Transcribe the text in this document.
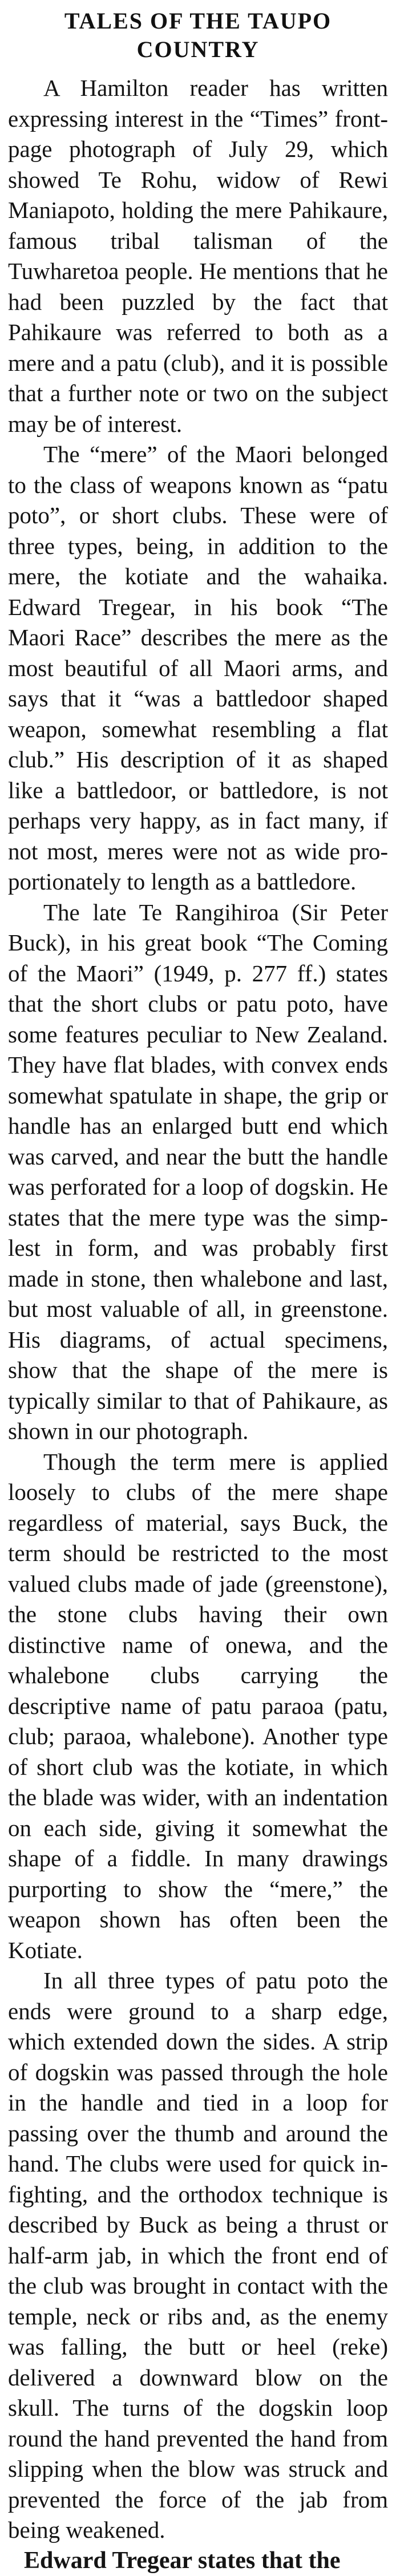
TALES OF THE TAUPO
COUNTRY

A Hamilton reader has written expressing interest in the “Times” front-page photograph of July 29, which showed Te Rohu, widow of Rewi Maniapoto, holding the mere Pahikaure, famous tribal talisman of the Tuwharetoa people. He mentions that he had been puzzled by the fact that Pahikaure was referred to both as a mere and a patu (club), and it is possible that a further note or two on the subject may be of interest.

The “mere” of the Maori belonged to the class of weapons known as “patu poto”, or short clubs. These were of three types, being, in addition to the mere, the kotiate and the wahaika. Edward Tregear, in his book “The Maori Race” describes the mere as the most beautiful of all Maori arms, and says that it “was a battledoor shaped weapon, somewhat resembling a flat club.” His description of it as shaped like a battledoor, or battledore, is not perhaps very happy, as in fact many, if not most, meres were not as wide proportionately to length as a battledore.

The late Te Rangihiroa (Sir Peter Buck), in his great book “The Coming of the Maori” (1949, p. 277 ff.) states that the short clubs or patu poto, have some features peculiar to New Zealand. They have flat blades, with convex ends somewhat spatulate in shape, the grip or handle has an enlarged butt end which was carved, and near the butt the handle was perforated for a loop of dogskin. He states that the mere type was the simplest in form, and was probably first made in stone, then whalebone and last, but most valuable of all, in greenstone. His diagrams, of actual specimens, show that the shape of the mere is typically similar to that of Pahikaure, as shown in our photograph.

Though the term mere is applied loosely to clubs of the mere shape regardless of material, says Buck, the term should be restricted to the most valued clubs made of jade (greenstone), the stone clubs having their own distinctive name of onewa, and the whalebone clubs carrying the descriptive name of patu paraoa (patu, club; paraoa, whalebone). Another type of short club was the kotiate, in which the blade was wider, with an indentation on each side, giving it somewhat the shape of a fiddle. In many drawings purporting to show the “mere,” the weapon shown has often been the Kotiate.

In all three types of patu poto the ends were ground to a sharp edge, which extended down the sides. A strip of dogskin was passed through the hole in the handle and tied in a loop for passing over the thumb and around the hand. The clubs were used for quick infighting, and the orthodox technique is described by Buck as being a thrust or half-arm jab, in which the front end of the club was brought in contact with the temple, neck or ribs and, as the enemy was falling, the butt or heel (reke) delivered a downward blow on the skull. The turns of the dogskin loop round the hand prevented the hand from slipping when the blow was struck and prevented the force of the jab from being weakened.

Edward Tregear states that the
